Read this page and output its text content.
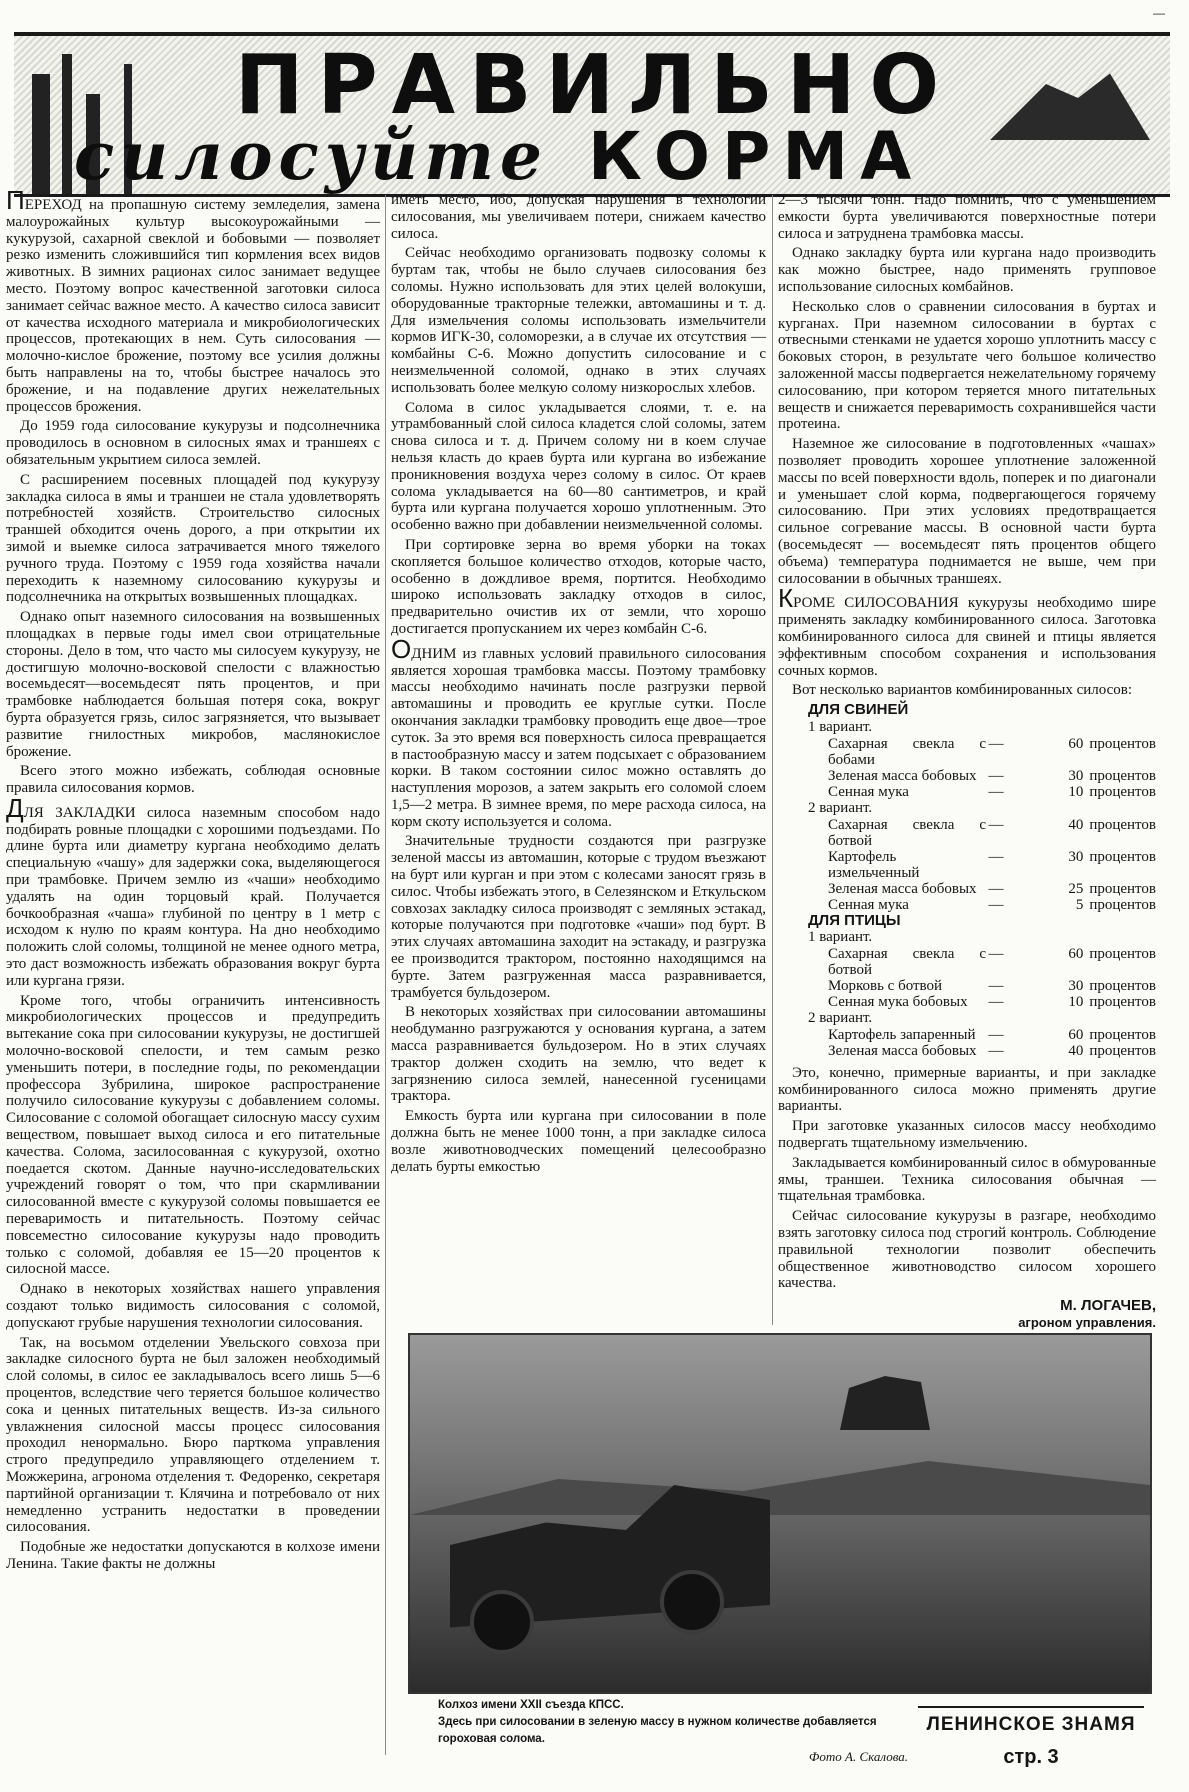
—
ПРАВИЛЬНО
силосуйте КОРМА

ПЕРЕХОД на пропашную систему земледелия, замена малоурожайных культур высокоурожайными — кукурузой, сахарной свеклой и бобовыми — позволяет резко изменить сложившийся тип кормления всех видов животных. В зимних рационах силос занимает ведущее место. Поэтому вопрос качественной заготовки силоса занимает сейчас важное место. А качество силоса зависит от качества исходного материала и микробиологических процессов, протекающих в нем. Суть силосования — молочно-кислое брожение, поэтому все усилия должны быть направлены на то, чтобы быстрее началось это брожение, и на подавление других нежелательных процессов брожения.

До 1959 года силосование кукурузы и подсолнечника проводилось в основном в силосных ямах и траншеях с обязательным укрытием силоса землей.

С расширением посевных площадей под кукурузу закладка силоса в ямы и траншеи не стала удовлетворять потребностей хозяйств. Строительство силосных траншей обходится очень дорого, а при открытии их зимой и выемке силоса затрачивается много тяжелого ручного труда. Поэтому с 1959 года хозяйства начали переходить к наземному силосованию кукурузы и подсолнечника на открытых возвышенных площадках.

Однако опыт наземного силосования на возвышенных площадках в первые годы имел свои отрицательные стороны. Дело в том, что часто мы силосуем кукурузу, не достигшую молочно-восковой спелости с влажностью восемьдесят—восемьдесят пять процентов, и при трамбовке наблюдается большая потеря сока, вокруг бурта образуется грязь, силос загрязняется, что вызывает развитие гнилостных микробов, маслянокислое брожение.

Всего этого можно избежать, соблюдая основные правила силосования кормов.

ДЛЯ ЗАКЛАДКИ силоса наземным способом надо подбирать ровные площадки с хорошими подъездами. По длине бурта или диаметру кургана необходимо делать специальную «чашу» для задержки сока, выделяющегося при трамбовке. Причем землю из «чаши» необходимо удалять на один торцовый край. Получается бочкообразная «чаша» глубиной по центру в 1 метр с исходом к нулю по краям контура. На дно необходимо положить слой соломы, толщиной не менее одного метра, это даст возможность избежать образования вокруг бурта или кургана грязи.

Кроме того, чтобы ограничить интенсивность микробиологических процессов и предупредить вытекание сока при силосовании кукурузы, не достигшей молочно-восковой спелости, и тем самым резко уменьшить потери, в последние годы, по рекомендации профессора Зубрилина, широкое распространение получило силосование кукурузы с добавлением соломы. Силосование с соломой обогащает силосную массу сухим веществом, повышает выход силоса и его питательные качества. Солома, засилосованная с кукурузой, охотно поедается скотом. Данные научно-исследовательских учреждений говорят о том, что при скармливании силосованной вместе с кукурузой соломы повышается ее переваримость и питательность. Поэтому сейчас повсеместно силосование кукурузы надо проводить только с соломой, добавляя ее 15—20 процентов к силосной массе.

Однако в некоторых хозяйствах нашего управления создают только видимость силосования с соломой, допускают грубые нарушения технологии силосования.

Так, на восьмом отделении Увельского совхоза при закладке силосного бурта не был заложен необходимый слой соломы, в силос ее закладывалось всего лишь 5—6 процентов, вследствие чего теряется большое количество сока и ценных питательных веществ. Из-за сильного увлажнения силосной массы процесс силосования проходил ненормально. Бюро парткома управления строго предупредило управляющего отделением т. Можжерина, агронома отделения т. Федоренко, секретаря партийной организации т. Клячина и потребовало от них немедленно устранить недостатки в проведении силосования.

Подобные же недостатки допускаются в колхозе имени Ленина. Такие факты не должны

иметь место, ибо, допуская нарушения в технологии силосования, мы увеличиваем потери, снижаем качество силоса.

Сейчас необходимо организовать подвозку соломы к буртам так, чтобы не было случаев силосования без соломы. Нужно использовать для этих целей волокуши, оборудованные тракторные тележки, автомашины и т. д. Для измельчения соломы использовать измельчители кормов ИГК-30, соломорезки, а в случае их отсутствия — комбайны С-6. Можно допустить силосование и с неизмельченной соломой, однако в этих случаях использовать более мелкую солому низкорослых хлебов.

Солома в силос укладывается слоями, т. е. на утрамбованный слой силоса кладется слой соломы, затем снова силоса и т. д. Причем солому ни в коем случае нельзя класть до краев бурта или кургана во избежание проникновения воздуха через солому в силос. От краев солома укладывается на 60—80 сантиметров, и край бурта или кургана получается хорошо уплотненным. Это особенно важно при добавлении неизмельченной соломы.

При сортировке зерна во время уборки на токах скопляется большое количество отходов, которые часто, особенно в дождливое время, портится. Необходимо широко использовать закладку отходов в силос, предварительно очистив их от земли, что хорошо достигается пропусканием их через комбайн С-6.

ОДНИМ из главных условий правильного силосования является хорошая трамбовка массы. Поэтому трамбовку массы необходимо начинать после разгрузки первой автомашины и проводить ее круглые сутки. После окончания закладки трамбовку проводить еще двое—трое суток. За это время вся поверхность силоса превращается в пастообразную массу и затем подсыхает с образованием корки. В таком состоянии силос можно оставлять до наступления морозов, а затем закрыть его соломой слоем 1,5—2 метра. В зимнее время, по мере расхода силоса, на корм скоту используется и солома.

Значительные трудности создаются при разгрузке зеленой массы из автомашин, которые с трудом въезжают на бурт или курган и при этом с колесами заносят грязь в силос. Чтобы избежать этого, в Селезянском и Еткульском совхозах закладку силоса производят с земляных эстакад, которые получаются при подготовке «чаши» под бурт. В этих случаях автомашина заходит на эстакаду, и разгрузка ее производится трактором, постоянно находящимся на бурте. Затем разгруженная масса разравнивается, трамбуется бульдозером.

В некоторых хозяйствах при силосовании автомашины необдуманно разгружаются у основания кургана, а затем масса разравнивается бульдозером. Но в этих случаях трактор должен сходить на землю, что ведет к загрязнению силоса землей, нанесенной гусеницами трактора.

Емкость бурта или кургана при силосовании в поле должна быть не менее 1000 тонн, а при закладке силоса возле животноводческих помещений целесообразно делать бурты емкостью

2—3 тысячи тонн. Надо помнить, что с уменьшением емкости бурта увеличиваются поверхностные потери силоса и затруднена трамбовка массы.

Однако закладку бурта или кургана надо производить как можно быстрее, надо применять групповое использование силосных комбайнов.

Несколько слов о сравнении силосования в буртах и курганах. При наземном силосовании в буртах с отвесными стенками не удается хорошо уплотнить массу с боковых сторон, в результате чего большое количество заложенной массы подвергается нежелательному горячему силосованию, при котором теряется много питательных веществ и снижается переваримость сохранившейся части протеина.

Наземное же силосование в подготовленных «чашах» позволяет проводить хорошее уплотнение заложенной массы по всей поверхности вдоль, поперек и по диагонали и уменьшает слой корма, подвергающегося горячему силосованию. При этих условиях предотвращается сильное согревание массы. В основной части бурта (восемьдесят — восемьдесят пять процентов общего объема) температура поднимается не выше, чем при силосовании в обычных траншеях.

КРОМЕ СИЛОСОВАНИЯ кукурузы необходимо шире применять закладку комбинированного силоса. Заготовка комбинированного силоса для свиней и птицы является эффективным способом сохранения и использования сочных кормов.

Вот несколько вариантов комбинированных силосов:

ДЛЯ СВИНЕЙ
1 вариант.
Сахарная свекла с бобами
—	60 процентов
Зеленая масса бобовых —	30 процентов
Сенная мука	—	10 процентов
2 вариант.
Сахарная свекла с ботвой
—	40 процентов
Картофель измельченный
—	30 процентов
Зеленая масса бобовых —	25 процентов
Сенная мука	—	5 процентов
ДЛЯ ПТИЦЫ
1 вариант.
Сахарная свекла с ботвой
—	60 процентов
Морковь с ботвой	—	30 процентов
Сенная мука бобовых	—	10 процентов
2 вариант.
Картофель запаренный —	60 процентов
Зеленая масса бобовых —	40 процентов

Это, конечно, примерные варианты, и при закладке комбинированного силоса можно применять другие варианты.

При заготовке указанных силосов массу необходимо подвергать тщательному измельчению.

Закладывается комбинированный силос в обмурованные ямы, траншеи. Техника силосования обычная — тщательная трамбовка.

Сейчас силосование кукурузы в разгаре, необходимо взять заготовку силоса под строгий контроль. Соблюдение правильной технологии позволит обеспечить общественное животноводство силосом хорошего качества.

М. ЛОГАЧЕВ,
агроном управления.
Колхоз имени XXII съезда КПСС.
Здесь при силосовании в зеленую массу в нужном количестве добавляется гороховая солома.
Фото А. Скалова.
ЛЕНИНСКОЕ ЗНАМЯ
стр. 3
